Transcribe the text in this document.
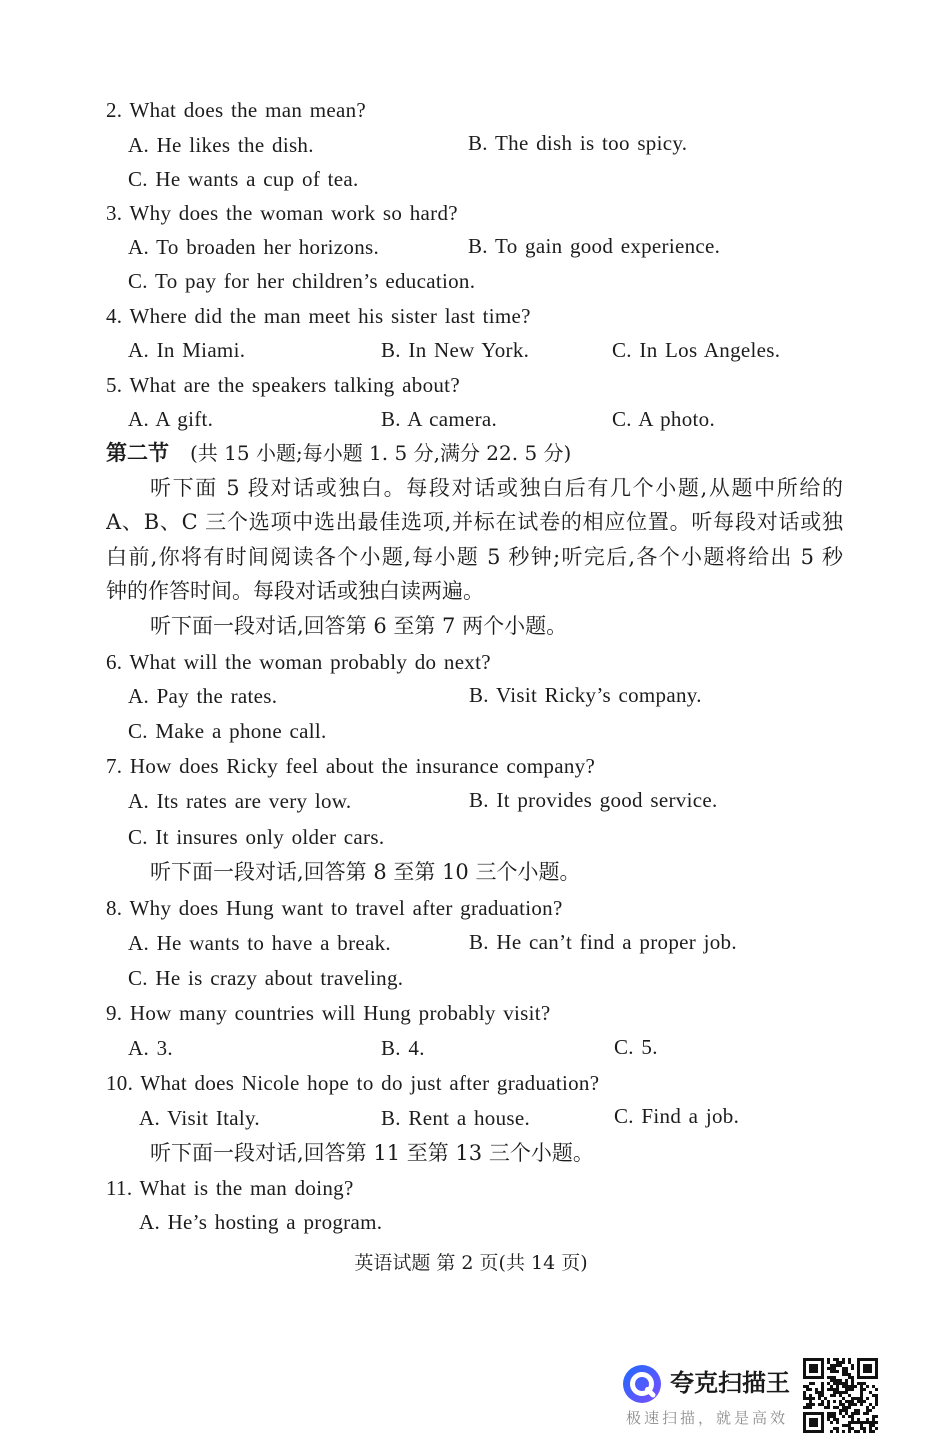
2. What does the man mean?
A. He likes the dish.	B. The dish is too spicy.
C. He wants a cup of tea.
3. Why does the woman work so hard?
A. To broaden her horizons.	B. To gain good experience.
C. To pay for her children’s education.
4. Where did the man meet his sister last time?
A. In Miami.	B. In New York.	C. In Los Angeles.
5. What are the speakers talking about?
A. A gift.	B. A camera.	C. A photo.
第二节 (共 15 小题;每小题 1. 5 分,满分 22. 5 分)
听下面 5 段对话或独白。每段对话或独白后有几个小题,从题中所给的
A、B、C 三个选项中选出最佳选项,并标在试卷的相应位置。听每段对话或独
白前,你将有时间阅读各个小题,每小题 5 秒钟;听完后,各个小题将给出 5 秒
钟的作答时间。每段对话或独白读两遍。
听下面一段对话,回答第 6 至第 7 两个小题。
6. What will the woman probably do next?
A. Pay the rates.	B. Visit Ricky’s company.
C. Make a phone call.
7. How does Ricky feel about the insurance company?
A. Its rates are very low.	B. It provides good service.
C. It insures only older cars.
听下面一段对话,回答第 8 至第 10 三个小题。
8. Why does Hung want to travel after graduation?
A. He wants to have a break.	B. He can’t find a proper job.
C. He is crazy about traveling.
9. How many countries will Hung probably visit?
A. 3.	B. 4.	C. 5.
10. What does Nicole hope to do just after graduation?
A. Visit Italy.	B. Rent a house.	C. Find a job.
听下面一段对话,回答第 11 至第 13 三个小题。
11. What is the man doing?
A. He’s hosting a program.
英语试题 第 2 页(共 14 页)
夸克扫描王
极速扫描，就是高效
